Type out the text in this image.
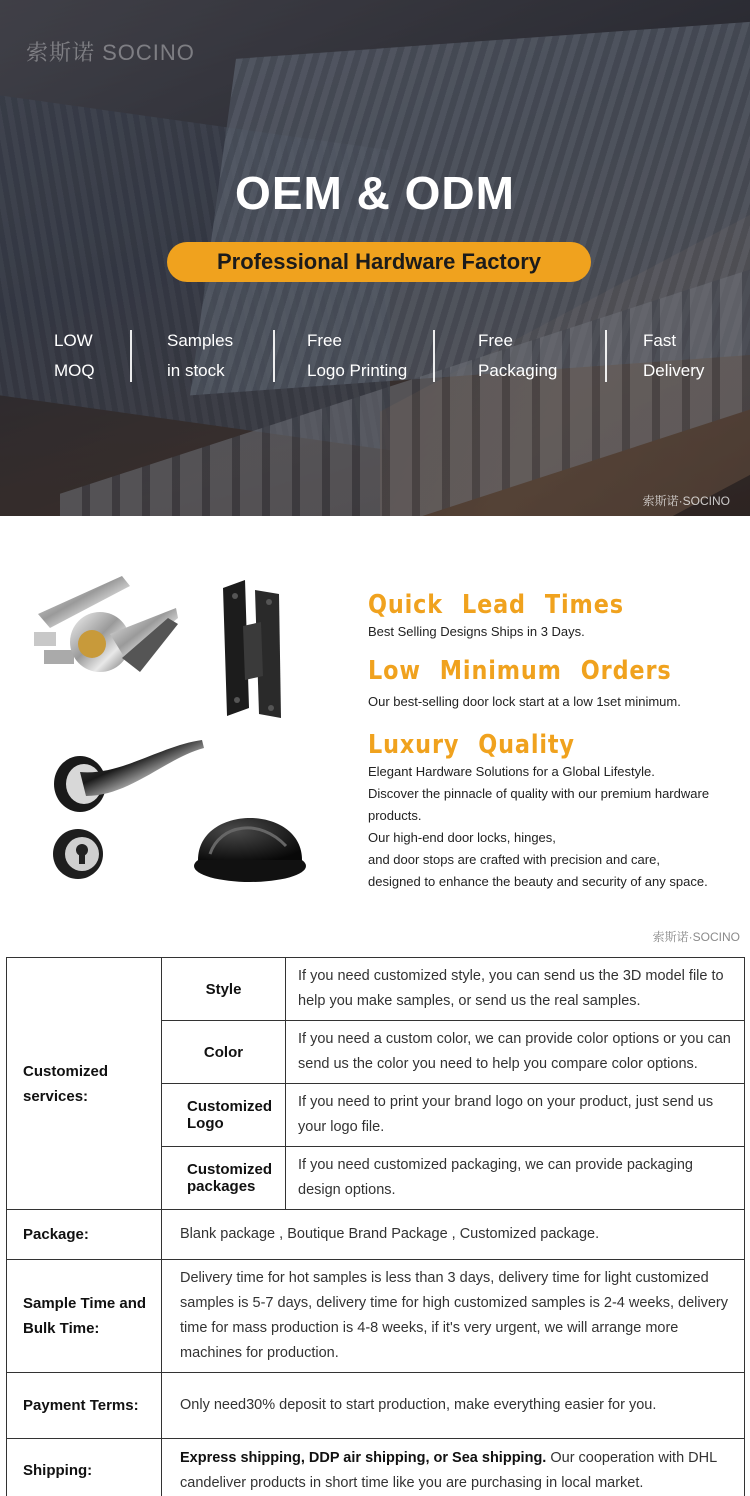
索斯诺 SOCINO
OEM & ODM
Professional Hardware Factory
LOW
MOQ
Samples
in stock
Free
Logo Printing
Free
Packaging
Fast
Delivery
索斯诺·SOCINO
Quick Lead Times
Best Selling Designs Ships in 3 Days.
Low Minimum Orders
Our best-selling door lock start at a low 1set minimum.
Luxury Quality
Elegant Hardware Solutions for a Global Lifestyle.
Discover the pinnacle of quality with our premium hardware products.
Our high-end door locks, hinges,
and door stops are crafted with precision and care,
designed to enhance the beauty and security of any space.
索斯诺·SOCINO
Customized services:	Style	If you need customized style, you can send us the 3D model file to help you make samples, or send us the real samples.
	Color	If you need a custom color, we can provide color options or you can send us the color you need to help you compare color options.
	Customized Logo	If you need to print your brand logo on your product, just send us your logo file.
	Customized packages	If you need customized packaging, we can provide packaging design options.
Package:	Blank package , Boutique Brand Package , Customized package.	
Sample Time and Bulk Time:	Delivery time for hot samples is less than 3 days, delivery time for light customized samples is 5-7 days, delivery time for high customized samples is 2-4 weeks, delivery time for mass production is 4-8 weeks, if it's very urgent, we will arrange more machines for production.	
Payment Terms:	Only need30% deposit to start production, make everything easier for you.	
Shipping:	Express shipping, DDP air shipping, or Sea shipping. Our cooperation with DHL candeliver products in short time like you are purchasing in local market.	
